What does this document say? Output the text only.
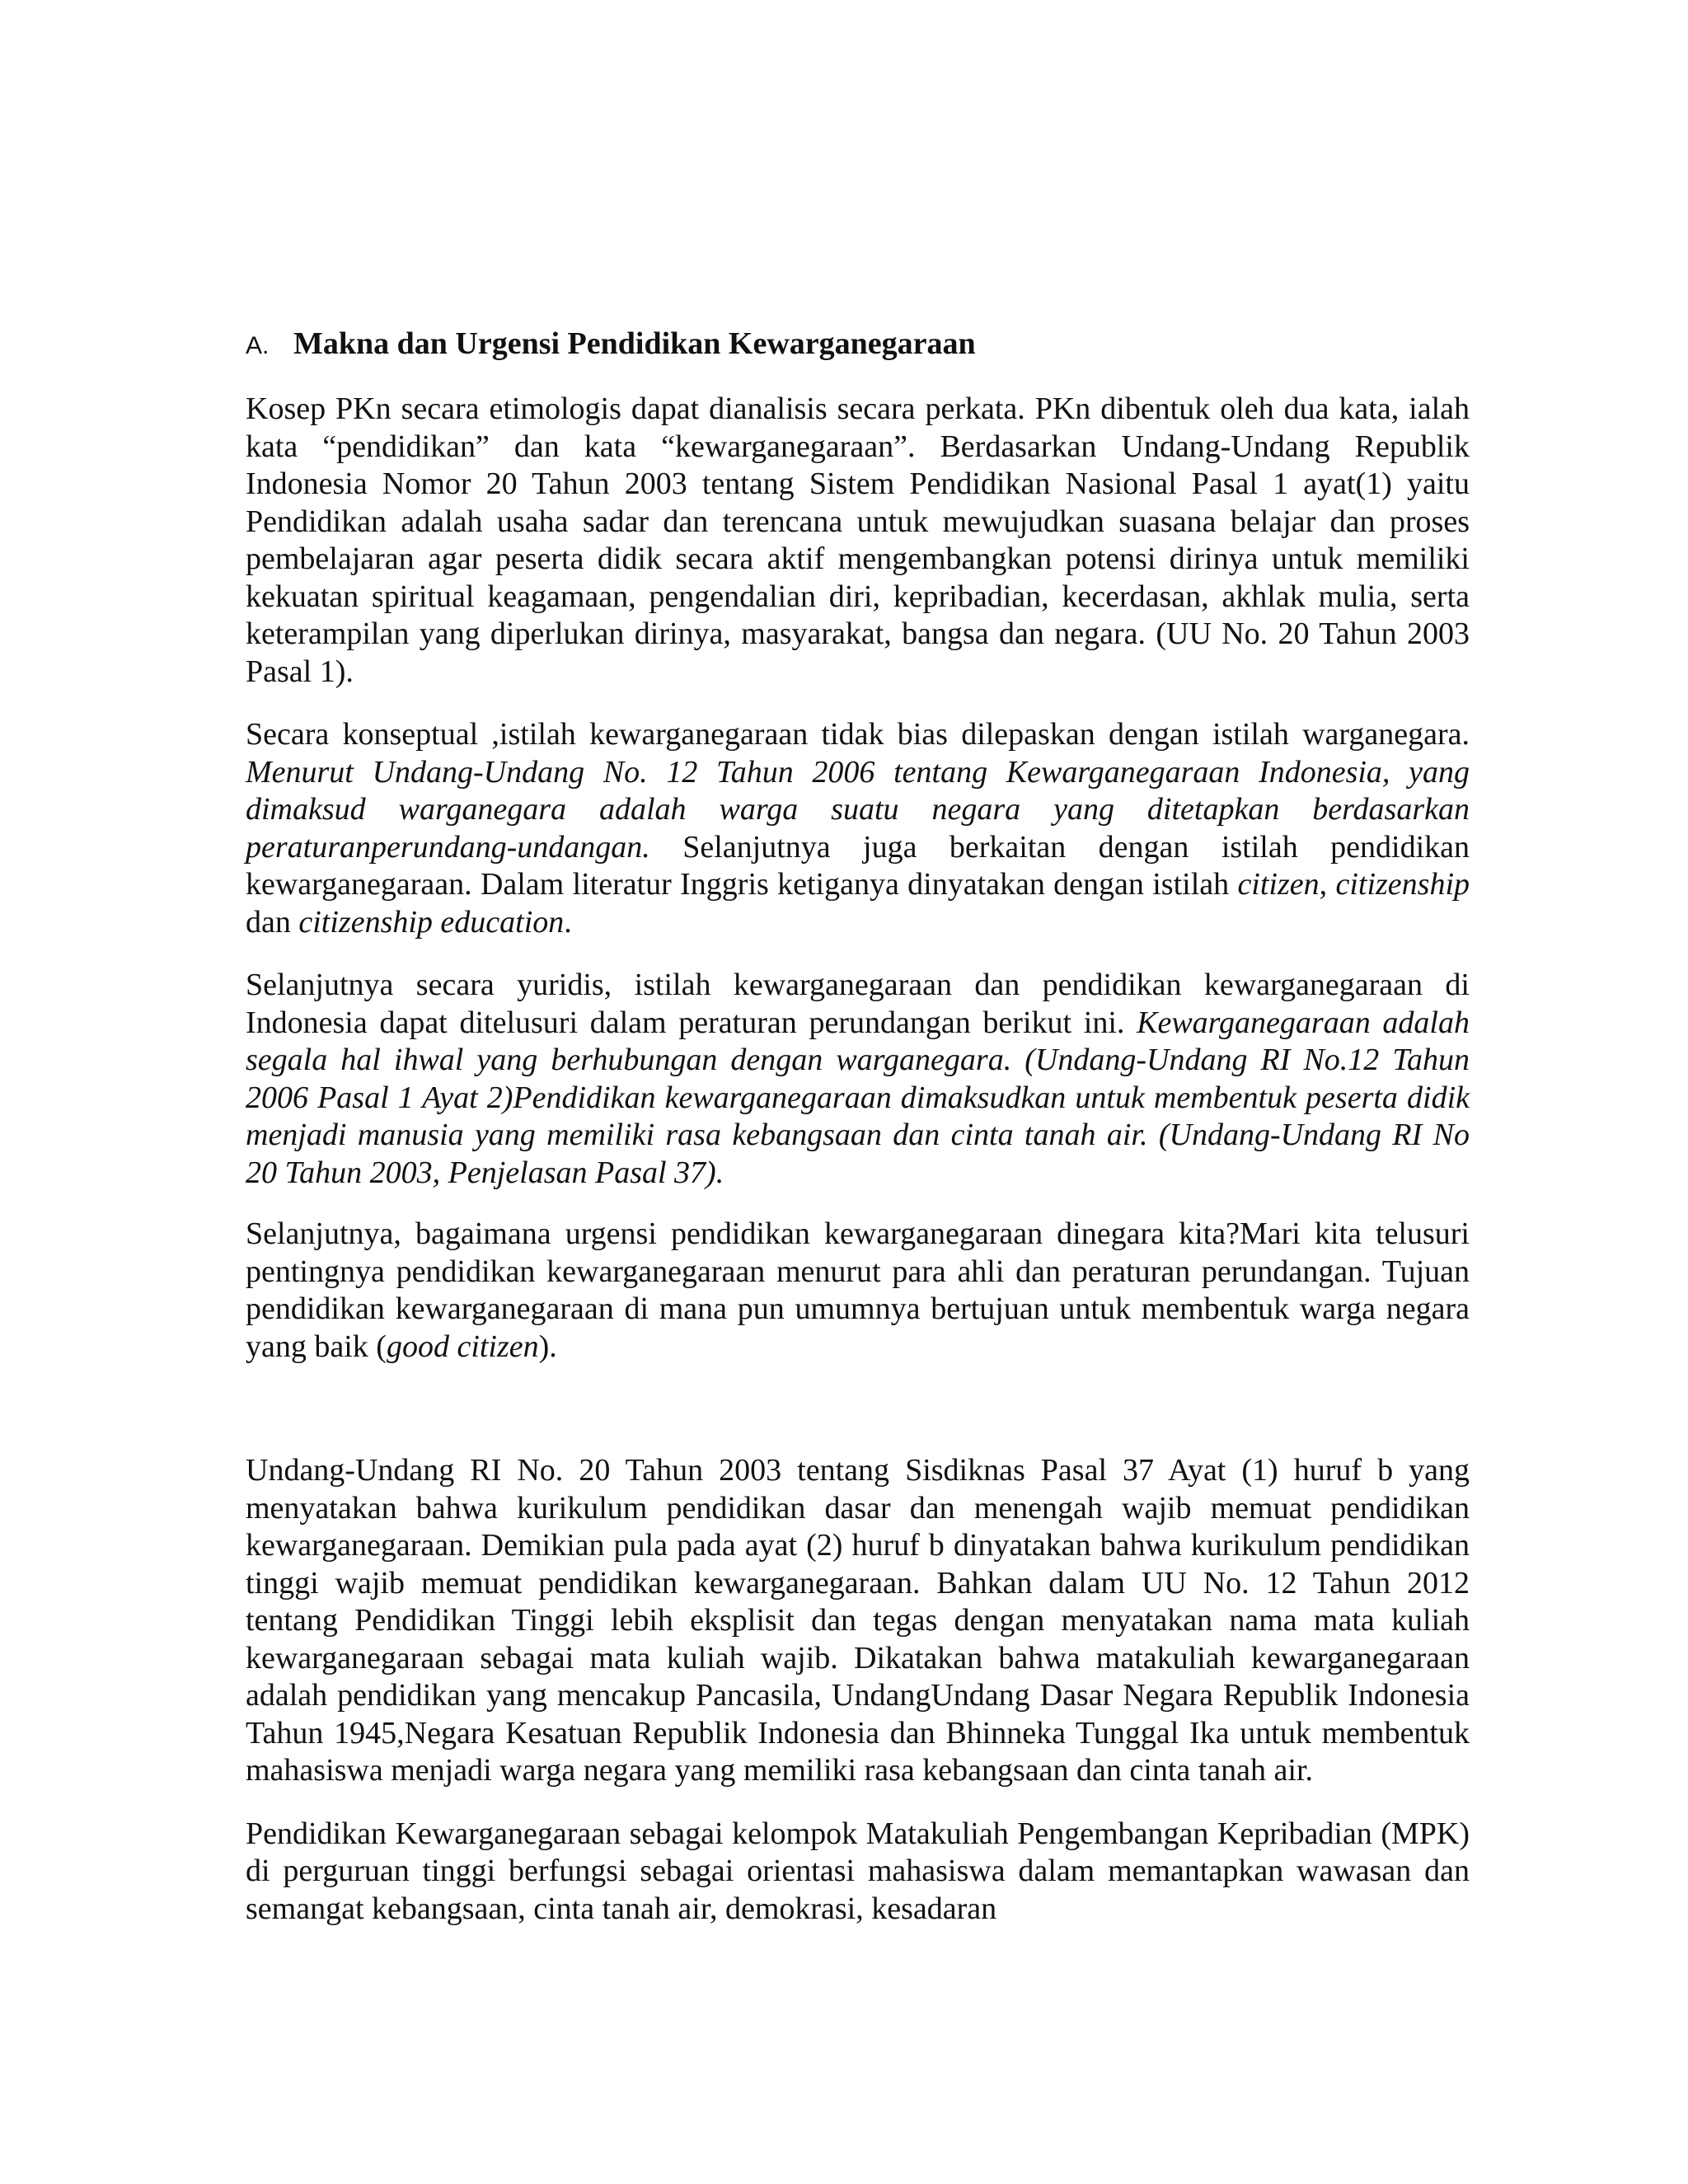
A. Makna dan Urgensi Pendidikan Kewarganegaraan

Kosep PKn secara etimologis dapat dianalisis secara perkata. PKn dibentuk oleh dua kata, ialah kata “pendidikan” dan kata “kewarganegaraan”. Berdasarkan Undang-Undang Republik Indonesia Nomor 20 Tahun 2003 tentang Sistem Pendidikan Nasional Pasal 1 ayat(1) yaitu Pendidikan adalah usaha sadar dan terencana untuk mewujudkan suasana belajar dan proses pembelajaran agar peserta didik secara aktif mengembangkan potensi dirinya untuk memiliki kekuatan spiritual keagamaan, pengendalian diri, kepribadian, kecerdasan, akhlak mulia, serta keterampilan yang diperlukan dirinya, masyarakat, bangsa dan negara. (UU No. 20 Tahun 2003 Pasal 1).

Secara konseptual ,istilah kewarganegaraan tidak bias dilepaskan dengan istilah warganegara. Menurut Undang-Undang No. 12 Tahun 2006 tentang Kewarganegaraan Indonesia, yang dimaksud warganegara adalah warga suatu negara yang ditetapkan berdasarkan peraturanperundang-undangan. Selanjutnya juga berkaitan dengan istilah pendidikan kewarganegaraan. Dalam literatur Inggris ketiganya dinyatakan dengan istilah citizen, citizenship dan citizenship education.

Selanjutnya secara yuridis, istilah kewarganegaraan dan pendidikan kewarganegaraan di Indonesia dapat ditelusuri dalam peraturan perundangan berikut ini. Kewarganegaraan adalah segala hal ihwal yang berhubungan dengan warganegara. (Undang-Undang RI No.12 Tahun 2006 Pasal 1 Ayat 2)Pendidikan kewarganegaraan dimaksudkan untuk membentuk peserta didik menjadi manusia yang memiliki rasa kebangsaan dan cinta tanah air. (Undang-Undang RI No 20 Tahun 2003, Penjelasan Pasal 37).

Selanjutnya, bagaimana urgensi pendidikan kewarganegaraan dinegara kita?Mari kita telusuri pentingnya pendidikan kewarganegaraan menurut para ahli dan peraturan perundangan. Tujuan pendidikan kewarganegaraan di mana pun umumnya bertujuan untuk membentuk warga negara yang baik (good citizen).

Undang-Undang RI No. 20 Tahun 2003 tentang Sisdiknas Pasal 37 Ayat (1) huruf b yang menyatakan bahwa kurikulum pendidikan dasar dan menengah wajib memuat pendidikan kewarganegaraan. Demikian pula pada ayat (2) huruf b dinyatakan bahwa kurikulum pendidikan tinggi wajib memuat pendidikan kewarganegaraan. Bahkan dalam UU No. 12 Tahun 2012 tentang Pendidikan Tinggi lebih eksplisit dan tegas dengan menyatakan nama mata kuliah kewarganegaraan sebagai mata kuliah wajib. Dikatakan bahwa matakuliah kewarganegaraan adalah pendidikan yang mencakup Pancasila, UndangUndang Dasar Negara Republik Indonesia Tahun 1945,Negara Kesatuan Republik Indonesia dan Bhinneka Tunggal Ika untuk membentuk mahasiswa menjadi warga negara yang memiliki rasa kebangsaan dan cinta tanah air.

Pendidikan Kewarganegaraan sebagai kelompok Matakuliah Pengembangan Kepribadian (MPK) di perguruan tinggi berfungsi sebagai orientasi mahasiswa dalam memantapkan wawasan dan semangat kebangsaan, cinta tanah air, demokrasi, kesadaran
